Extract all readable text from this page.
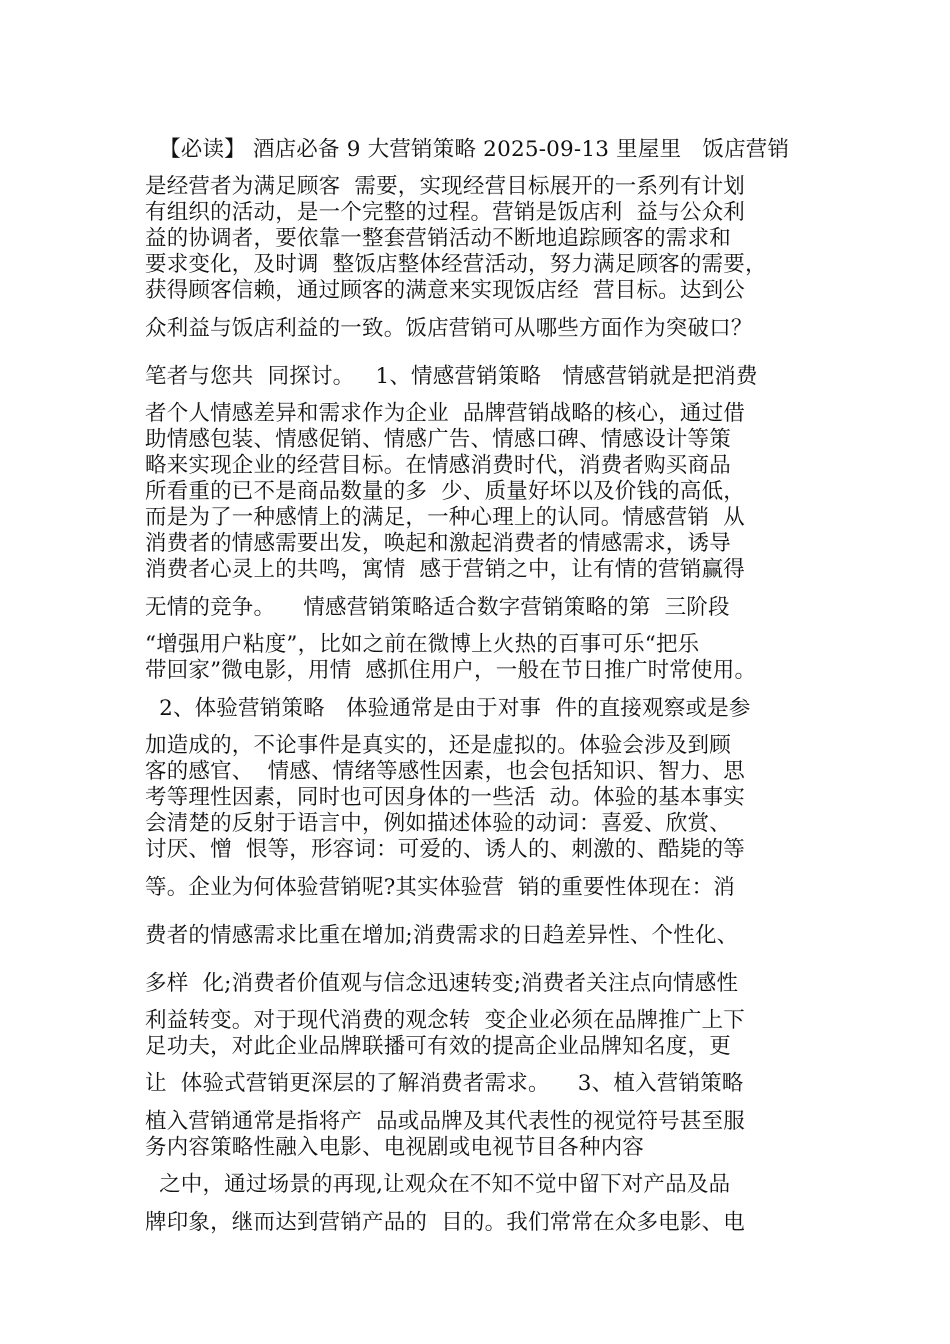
【必读】 酒店必备 9 大营销策略 2025-09-13 里屋里   饭店营销
是经营者为满足顾客  需要，实现经营目标展开的一系列有计划
有组织的活动，是一个完整的过程。营销是饭店利  益与公众利
益的协调者，要依靠一整套营销活动不断地追踪顾客的需求和
要求变化，及时调  整饭店整体经营活动，努力满足顾客的需要，
获得顾客信赖，通过顾客的满意来实现饭店经  营目标。达到公
众利益与饭店利益的一致。饭店营销可从哪些方面作为突破口？
笔者与您共  同探讨。   1、情感营销策略   情感营销就是把消费
者个人情感差异和需求作为企业  品牌营销战略的核心，通过借
助情感包装、情感促销、情感广告、情感口碑、情感设计等策
略来实现企业的经营目标。在情感消费时代，消费者购买商品
所看重的已不是商品数量的多  少、质量好坏以及价钱的高低，
而是为了一种感情上的满足，一种心理上的认同。情感营销  从
消费者的情感需要出发，唤起和激起消费者的情感需求，诱导
消费者心灵上的共鸣，寓情  感于营销之中，让有情的营销赢得
无情的竞争。    情感营销策略适合数字营销策略的第  三阶段
“增强用户粘度”，比如之前在微博上火热的百事可乐“把乐
带回家”微电影，用情  感抓住用户，一般在节日推广时常使用。
2、体验营销策略   体验通常是由于对事  件的直接观察或是参
加造成的，不论事件是真实的，还是虚拟的。体验会涉及到顾
客的感官、  情感、情绪等感性因素，也会包括知识、智力、思
考等理性因素，同时也可因身体的一些活  动。体验的基本事实
会清楚的反射于语言中，例如描述体验的动词：喜爱、欣赏、
讨厌、憎  恨等，形容词：可爱的、诱人的、刺激的、酷毙的等
等。企业为何体验营销呢?其实体验营  销的重要性体现在：消
费者的情感需求比重在增加;消费需求的日趋差异性、个性化、
多样  化;消费者价值观与信念迅速转变;消费者关注点向情感性
利益转变。对于现代消费的观念转  变企业必须在品牌推广上下
足功夫，对此企业品牌联播可有效的提高企业品牌知名度，更
让  体验式营销更深层的了解消费者需求。    3、植入营销策略
植入营销通常是指将产  品或品牌及其代表性的视觉符号甚至服
务内容策略性融入电影、电视剧或电视节目各种内容
之中，通过场景的再现,让观众在不知不觉中留下对产品及品
牌印象，继而达到营销产品的  目的。我们常常在众多电影、电
